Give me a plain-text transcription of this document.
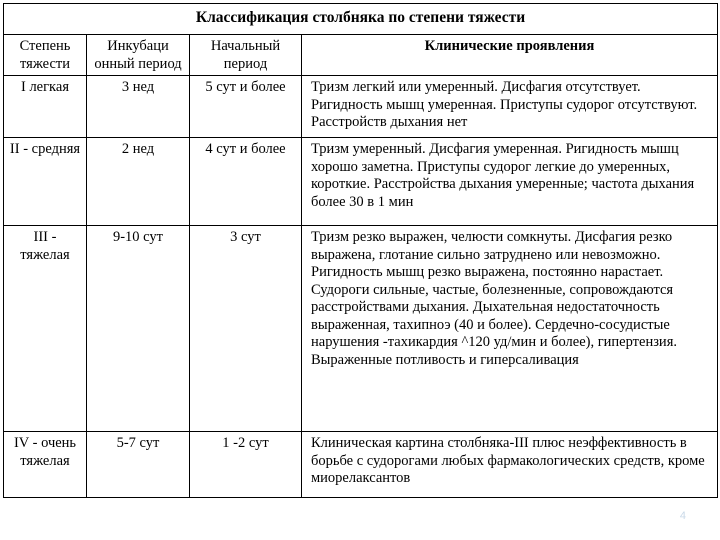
Классификация столбняка по степени тяжести			
Степень тяжести	Инкубаци онный период	Начальный период	Клинические проявления
I легкая	3 нед	5 сут и более	Тризм легкий или умеренный. Дисфагия отсутствует. Ригидность мышц умеренная. Приступы судорог отсутствуют. Расстройств дыхания нет
II - средняя	2 нед	4 сут и более	Тризм умеренный. Дисфагия умеренная. Ригидность мышц хорошо заметна. Приступы судорог легкие до умеренных, короткие. Расстройства дыхания умеренные; частота дыхания более 30 в 1 мин
III - тяжелая	9-10 сут	3 сут	Тризм резко выражен, челюсти сомкнуты. Дисфагия резко выражена, глотание сильно затруднено или невозможно. Ригидность мышц резко выражена, постоянно нарастает. Судороги сильные, частые, болезненные, сопровождаются расстройствами дыхания. Дыхательная недостаточность выраженная, тахипноэ (40 и более). Сердечно-сосудистые нарушения -тахикардия ^120 уд/мин и более), гипертензия. Выраженные потливость и гиперсаливация
IV - очень тяжелая	5-7 сут	1 -2 сут	Клиническая картина столбняка-III плюс неэффективность в борьбе с судорогами любых фармакологических средств, кроме миорелаксантов
4
